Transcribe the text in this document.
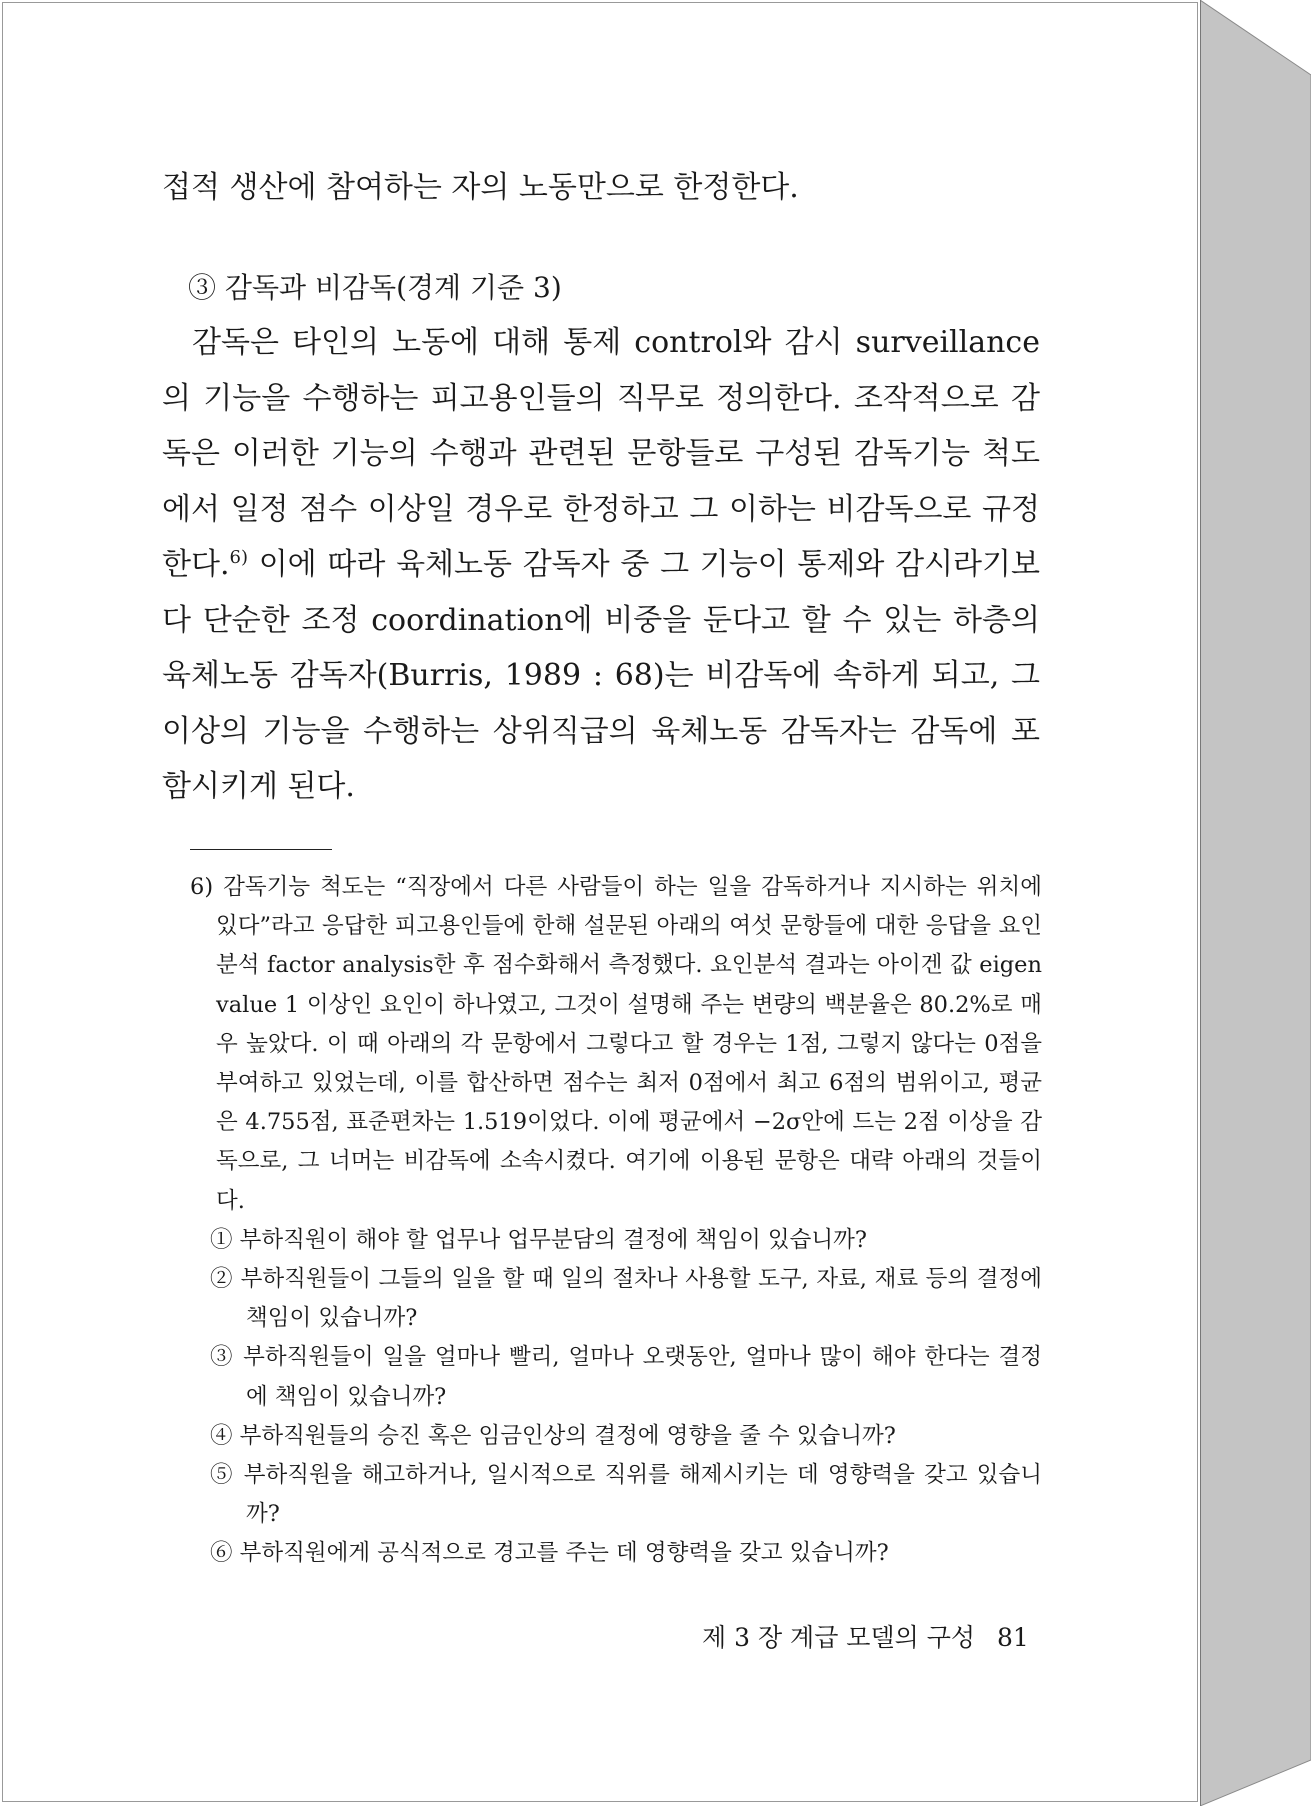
접적 생산에 참여하는 자의 노동만으로 한정한다.

③ 감독과 비감독(경계 기준 3)

감독은 타인의 노동에 대해 통제 control와 감시 surveillance의 기능을 수행하는 피고용인들의 직무로 정의한다. 조작적으로 감독은 이러한 기능의 수행과 관련된 문항들로 구성된 감독기능 척도에서 일정 점수 이상일 경우로 한정하고 그 이하는 비감독으로 규정한다.$^{6)}$ 이에 따라 육체노동 감독자 중 그 기능이 통제와 감시라기보다 단순한 조정 coordination에 비중을 둔다고 할 수 있는 하층의 육체노동 감독자(Burris, 1989 : 68)는 비감독에 속하게 되고, 그 이상의 기능을 수행하는 상위직급의 육체노동 감독자는 감독에 포함시키게 된다.

6) 감독기능 척도는 “직장에서 다른 사람들이 하는 일을 감독하거나 지시하는 위치에 있다”라고 응답한 피고용인들에 한해 설문된 아래의 여섯 문항들에 대한 응답을 요인분석 factor analysis한 후 점수화해서 측정했다. 요인분석 결과는 아이겐 값 eigen value 1 이상인 요인이 하나였고, 그것이 설명해 주는 변량의 백분율은 80.2%로 매우 높았다. 이 때 아래의 각 문항에서 그렇다고 할 경우는 1점, 그렇지 않다는 0점을 부여하고 있었는데, 이를 합산하면 점수는 최저 0점에서 최고 6점의 범위이고, 평균은 4.755점, 표준편차는 1.519이었다. 이에 평균에서 −2σ안에 드는 2점 이상을 감독으로, 그 너머는 비감독에 소속시켰다. 여기에 이용된 문항은 대략 아래의 것들이다.

① 부하직원이 해야 할 업무나 업무분담의 결정에 책임이 있습니까?

② 부하직원들이 그들의 일을 할 때 일의 절차나 사용할 도구, 자료, 재료 등의 결정에 책임이 있습니까?

③ 부하직원들이 일을 얼마나 빨리, 얼마나 오랫동안, 얼마나 많이 해야 한다는 결정에 책임이 있습니까?

④ 부하직원들의 승진 혹은 임금인상의 결정에 영향을 줄 수 있습니까?

⑤ 부하직원을 해고하거나, 일시적으로 직위를 해제시키는 데 영향력을 갖고 있습니까?

⑥ 부하직원에게 공식적으로 경고를 주는 데 영향력을 갖고 있습니까?

제 3 장 계급 모델의 구성 81
